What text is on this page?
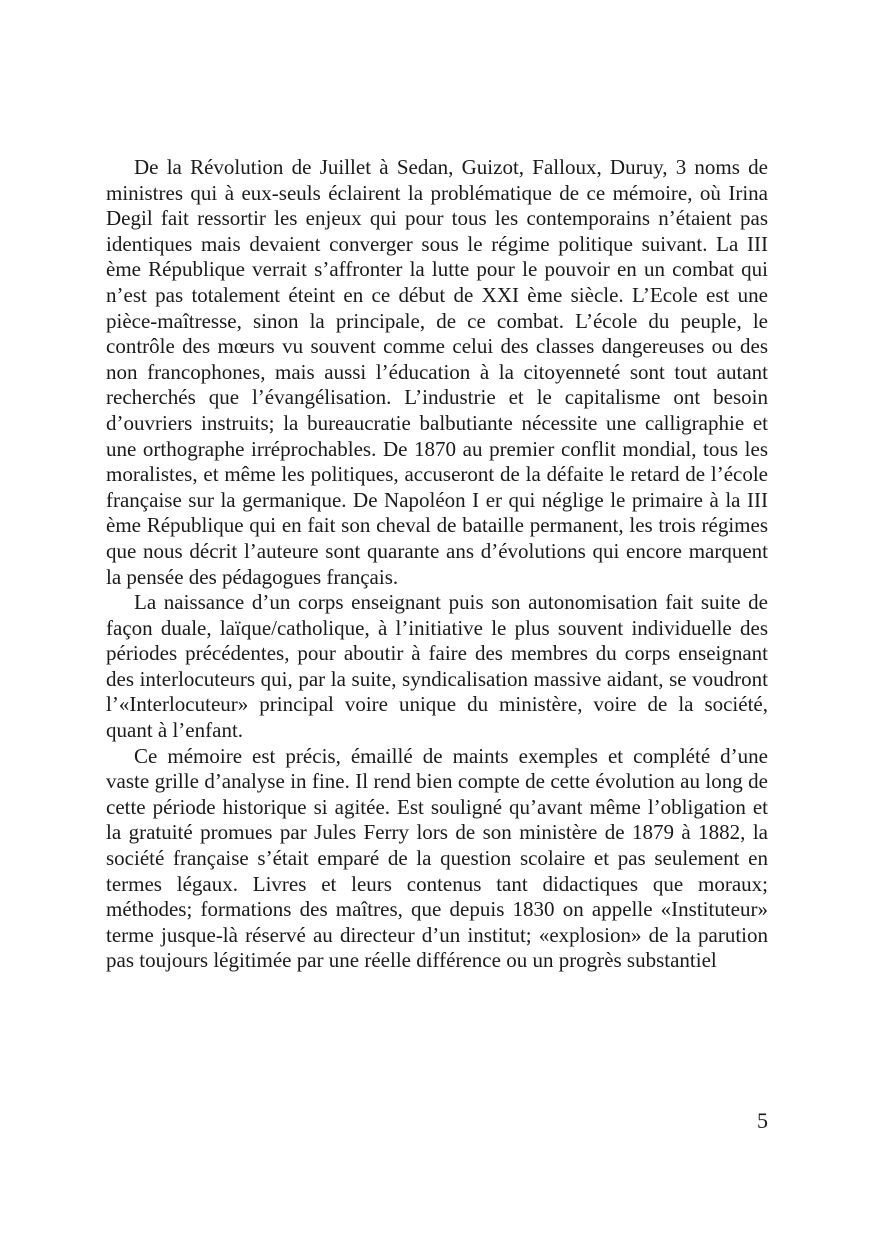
De la Révolution de Juillet à Sedan, Guizot, Falloux, Duruy, 3 noms de ministres qui à eux-seuls éclairent la problématique de ce mémoire, où Irina Degil fait ressortir les enjeux qui pour tous les contemporains n’étaient pas identiques mais devaient converger sous le régime politique suivant. La III ème République verrait s’affronter la lutte pour le pouvoir en un combat qui n’est pas totalement éteint en ce début de XXI ème siècle. L’Ecole est une pièce-maîtresse, sinon la principale, de ce combat. L’école du peuple, le contrôle des mœurs vu souvent comme celui des classes dangereuses ou des non francophones, mais aussi l’éducation à la citoyenneté sont tout autant recherchés que l’évangélisation. L’industrie et le capitalisme ont besoin d’ouvriers instruits; la bureaucratie balbutiante nécessite une calligraphie et une orthographe irréprochables. De 1870 au premier conflit mondial, tous les moralistes, et même les politiques, accuseront de la défaite le retard de l’école française sur la germanique. De Napoléon I er qui néglige le primaire à la III ème République qui en fait son cheval de bataille permanent, les trois régimes que nous décrit l’auteure sont quarante ans d’évolutions qui encore marquent la pensée des pédagogues français.

La naissance d’un corps enseignant puis son autonomisation fait suite de façon duale, laïque/catholique, à l’initiative le plus souvent individuelle des périodes précédentes, pour aboutir à faire des membres du corps enseignant des interlocuteurs qui, par la suite, syndicalisation massive aidant, se voudront l’«Interlocuteur» principal voire unique du ministère, voire de la société, quant à l’enfant.

Ce mémoire est précis, émaillé de maints exemples et complété d’une vaste grille d’analyse in fine. Il rend bien compte de cette évolution au long de cette période historique si agitée. Est souligné qu’avant même l’obligation et la gratuité promues par Jules Ferry lors de son ministère de 1879 à 1882, la société française s’était emparé de la question scolaire et pas seulement en termes légaux. Livres et leurs contenus tant didactiques que moraux; méthodes; formations des maîtres, que depuis 1830 on appelle «Instituteur» terme jusque-là réservé au directeur d’un institut; «explosion» de la parution pas toujours légitimée par une réelle différence ou un progrès substantiel

5
